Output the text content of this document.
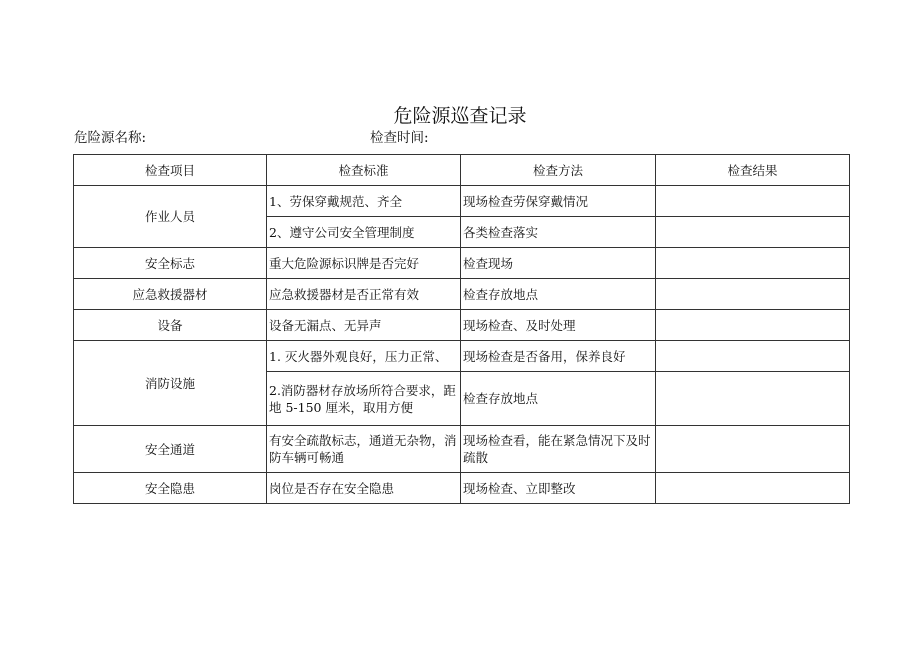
危险源巡查记录
危险源名称:	检查时间:
检查项目	检查标准	检查方法	检查结果
作业人员	1、劳保穿戴规范、齐全	现场检查劳保穿戴情况	
	2、遵守公司安全管理制度	各类检查落实	
安全标志	重大危险源标识牌是否完好	检查现场	
应急救援器材	应急救援器材是否正常有效	检查存放地点	
设备	设备无漏点、无异声	现场检查、及时处理	
消防设施	1. 灭火器外观良好，压力正常、	现场检查是否备用，保养良好	
	2.消防器材存放场所符合要求，距地 5-150 厘米，取用方便	检查存放地点	
安全通道	有安全疏散标志，通道无杂物，消防车辆可畅通	现场检查看，能在紧急情况下及时疏散	
安全隐患	岗位是否存在安全隐患	现场检查、立即整改	
